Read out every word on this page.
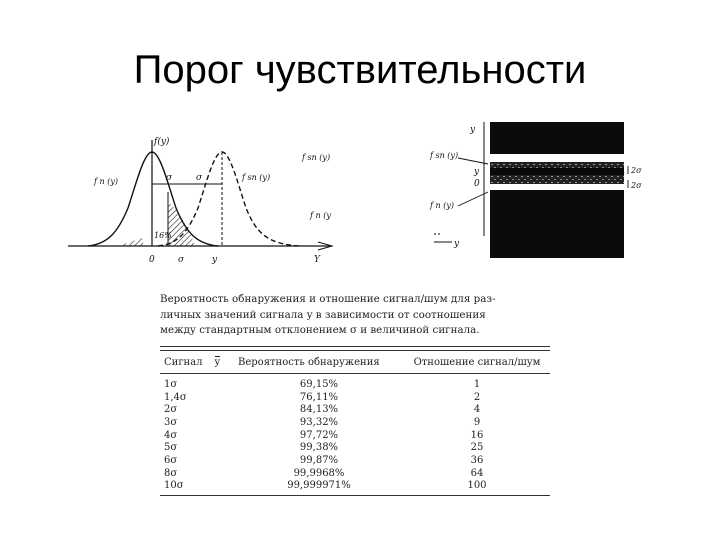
Порог чувствительности
f(y)
f sn (y)
f n (y)	f sn (y)
f n (y
σ	σ
16%
0	σ	y	Y
y
f sn (y)
y
0
f n (y)
2σ
2σ
y
Вероятность обнаружения и отношение сигнал/шум для раз-
личных значений сигнала y в зависимости от соотношения
между стандартным отклонением σ и величиной сигнала.
Сигнал y	Вероятность обнаружения	Отношение сигнал/шум
1σ	69,15%	1
1,4σ	76,11%	2
2σ	84,13%	4
3σ	93,32%	9
4σ	97,72%	16
5σ	99,38%	25
6σ	99,87%	36
8σ	99,9968%	64
10σ	99,999971%	100
